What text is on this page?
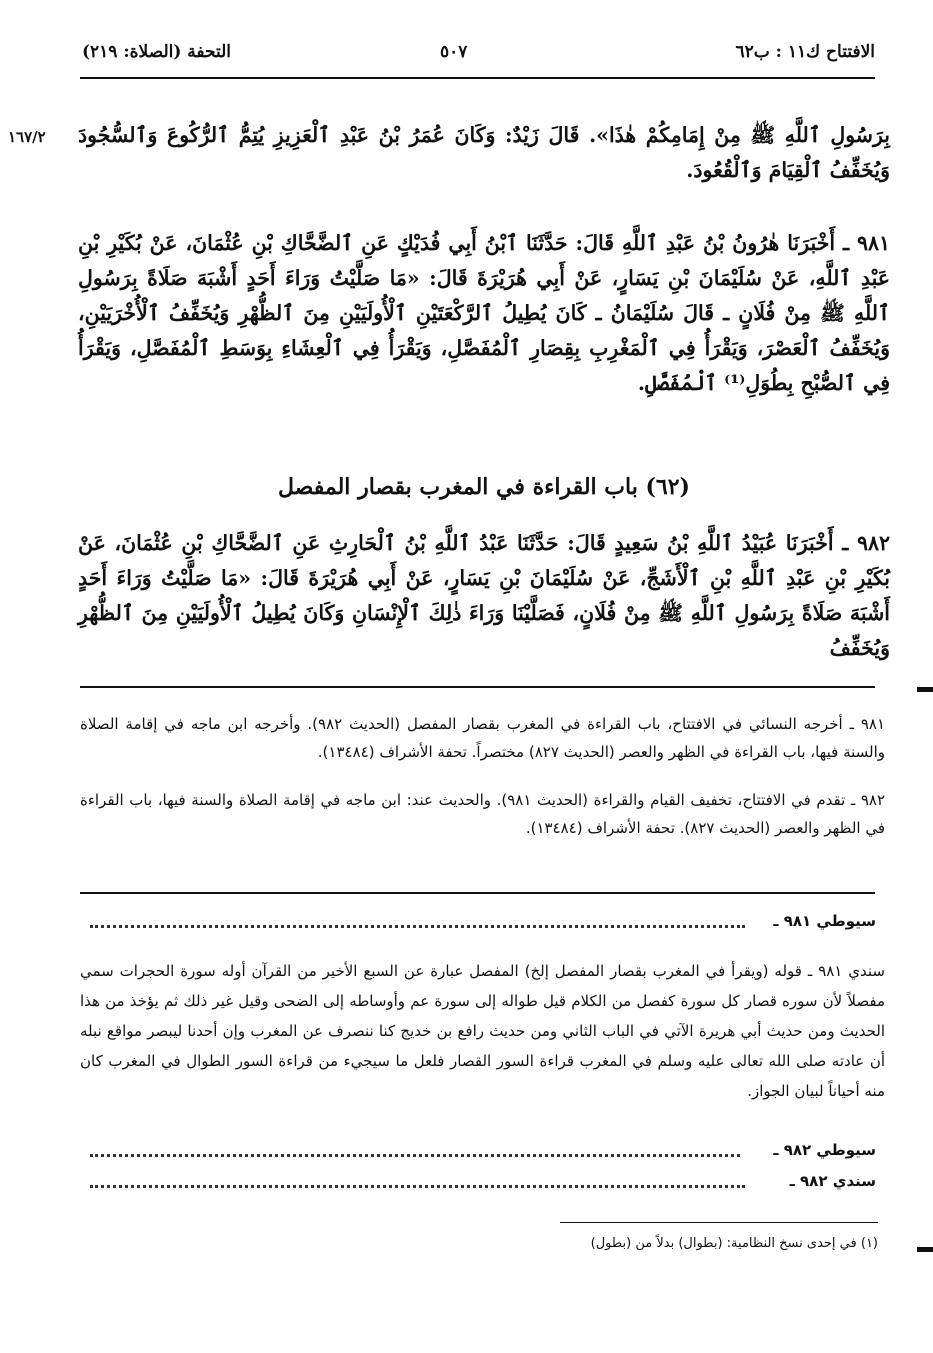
الافتتاح ك١١ : ب٦٢
٥٠٧
التحفة (الصلاة: ٢١٩)
١٦٧/٢ بِرَسُولِ ٱللَّهِ ﷺ مِنْ إِمَامِكُمْ هٰذَا». قَالَ زَيْدٌ: وَكَانَ عُمَرُ بْنُ عَبْدِ ٱلْعَزِيزِ يُتِمُّ ٱلرُّكُوعَ وَٱلسُّجُودَ وَيُخَفِّفُ ٱلْقِيَامَ وَٱلْقُعُودَ.
٩٨١ ـ أَخْبَرَنَا هٰرُونُ بْنُ عَبْدِ ٱللَّهِ قَالَ: حَدَّثَنَا ٱبْنُ أَبِي فُدَيْكٍ عَنِ ٱلضَّحَّاكِ بْنِ عُثْمَانَ، عَنْ بُكَيْرِ بْنِ عَبْدِ ٱللَّهِ، عَنْ سُلَيْمَانَ بْنِ يَسَارٍ، عَنْ أَبِي هُرَيْرَةَ قَالَ: «مَا صَلَّيْتُ وَرَاءَ أَحَدٍ أَشْبَهَ صَلَاةً بِرَسُولِ ٱللَّهِ ﷺ مِنْ فُلَانٍ ـ قَالَ سُلَيْمَانُ ـ كَانَ يُطِيلُ ٱلرَّكْعَتَيْنِ ٱلْأُولَيَيْنِ مِنَ ٱلظُّهْرِ وَيُخَفِّفُ ٱلْأُخْرَيَيْنِ، وَيُخَفِّفُ ٱلْعَصْرَ، وَيَقْرَأُ فِي ٱلْمَغْرِبِ بِقِصَارِ ٱلْمُفَصَّلِ، وَيَقْرَأُ فِي ٱلْعِشَاءِ بِوَسَطِ ٱلْمُفَصَّلِ، وَيَقْرَأُ فِي ٱلصُّبْحِ بِطُوَلِ⁽¹⁾ ٱلْمُفَصَّلِ.
(٦٢) باب القراءة في المغرب بقصار المفصل
٩٨٢ ـ أَخْبَرَنَا عُبَيْدُ ٱللَّهِ بْنُ سَعِيدٍ قَالَ: حَدَّثَنَا عَبْدُ ٱللَّهِ بْنُ ٱلْحَارِثِ عَنِ ٱلضَّحَّاكِ بْنِ عُثْمَانَ، عَنْ بُكَيْرِ بْنِ عَبْدِ ٱللَّهِ بْنِ ٱلْأَشَجِّ، عَنْ سُلَيْمَانَ بْنِ يَسَارٍ، عَنْ أَبِي هُرَيْرَةَ قَالَ: «مَا صَلَّيْتُ وَرَاءَ أَحَدٍ أَشْبَهَ صَلَاةً بِرَسُولِ ٱللَّهِ ﷺ مِنْ فُلَانٍ، فَصَلَّيْنَا وَرَاءَ ذٰلِكَ ٱلْإِنْسَانِ وَكَانَ يُطِيلُ ٱلْأُولَيَيْنِ مِنَ ٱلظُّهْرِ وَيُخَفِّفُ
٩٨١ ـ أخرجه النسائي في الافتتاح، باب القراءة في المغرب بقصار المفصل (الحديث ٩٨٢). وأخرجه ابن ماجه في إقامة الصلاة والسنة فيها، باب القراءة في الظهر والعصر (الحديث ٨٢٧) مختصراً. تحفة الأشراف (١٣٤٨٤).
٩٨٢ ـ تقدم في الافتتاح، تخفيف القيام والقراءة (الحديث ٩٨١). والحديث عند: ابن ماجه في إقامة الصلاة والسنة فيها، باب القراءة في الظهر والعصر (الحديث ٨٢٧). تحفة الأشراف (١٣٤٨٤).
سيوطي ٩٨١ ـ
سندي ٩٨١ ـ قوله (ويقرأ في المغرب بقصار المفصل إلخ) المفصل عبارة عن السبع الأخير من القرآن أوله سورة الحجرات سمي مفصلاً لأن سوره قصار كل سورة كفصل من الكلام قيل طواله إلى سورة عم وأوساطه إلى الضحى وقيل غير ذلك ثم يؤخذ من هذا الحديث ومن حديث أبي هريرة الآتي في الباب الثاني ومن حديث رافع بن خديج كنا ننصرف عن المغرب وإن أحدنا ليبصر مواقع نبله أن عادته صلى الله تعالى عليه وسلم في المغرب قراءة السور القصار فلعل ما سيجيء من قراءة السور الطوال في المغرب كان منه أحياناً لبيان الجواز.
سيوطي ٩٨٢ ـ
سندي ٩٨٢ ـ
(١) في إحدى نسخ النظامية: (بطوال) بدلاً من (بطول)
